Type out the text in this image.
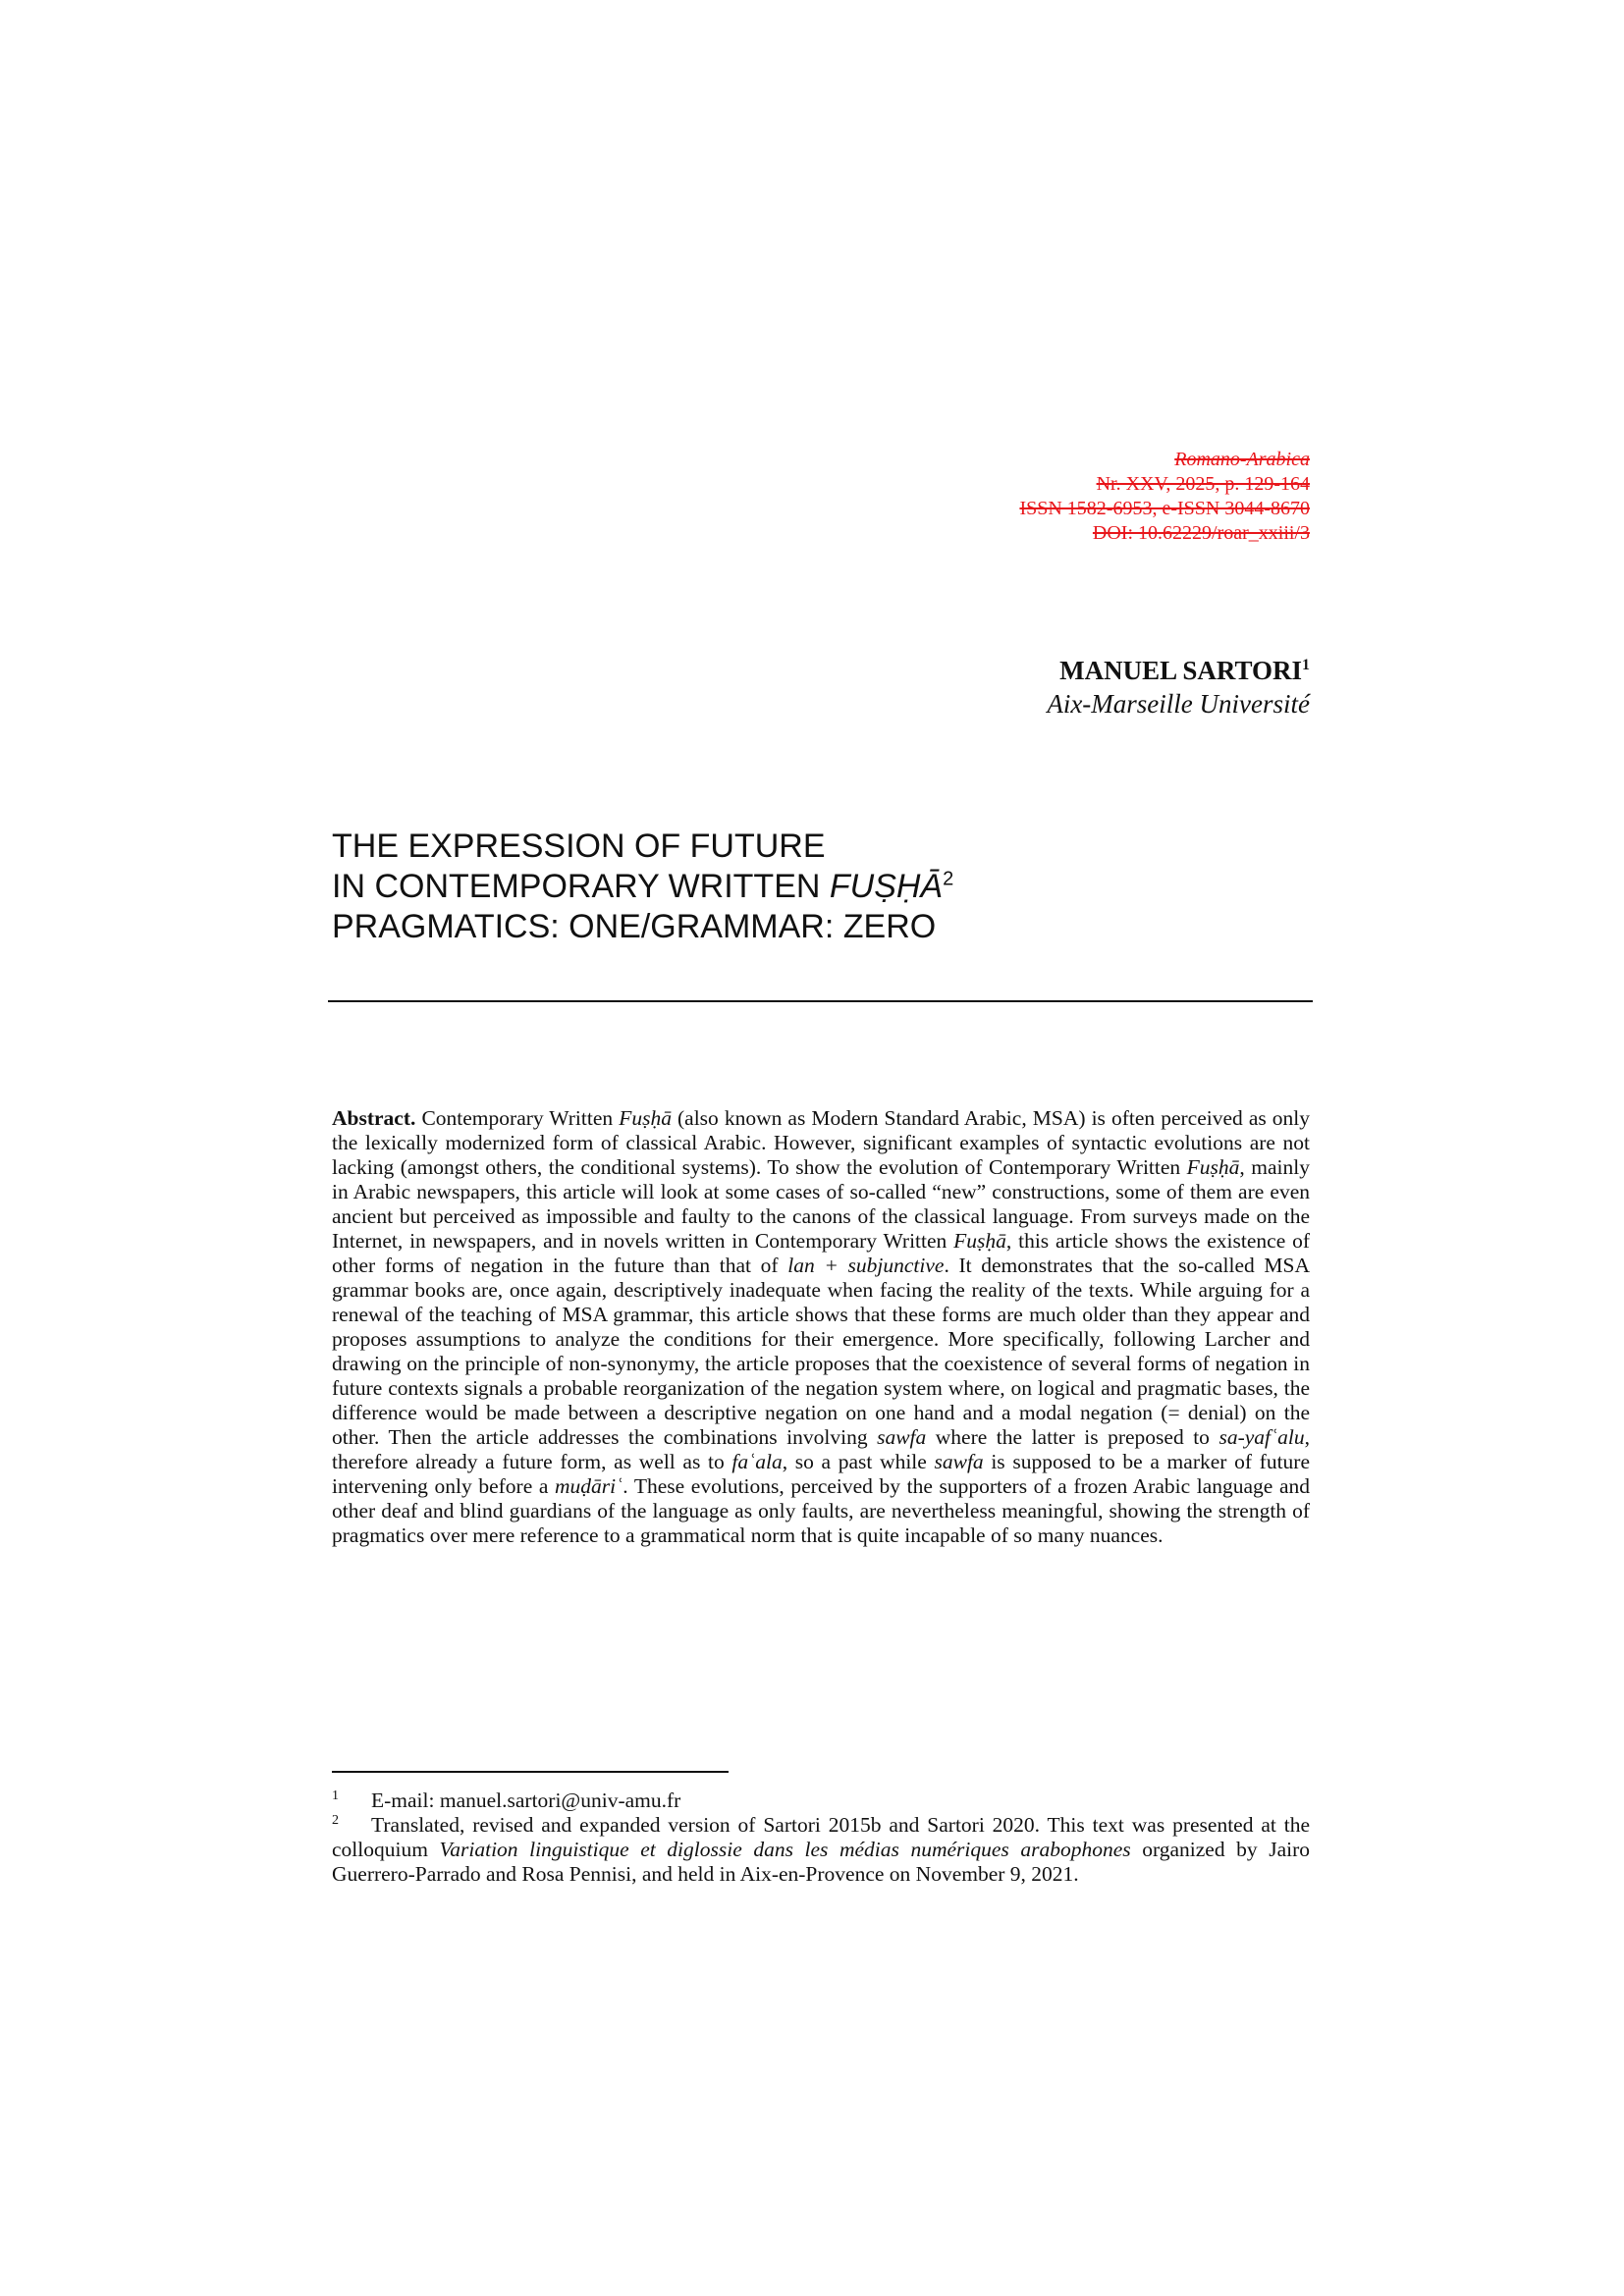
Romano-Arabica
Nr. XXV, 2025, p. 129-164
ISSN 1582-6953, e-ISSN 3044-8670
DOI: 10.62229/roar_xxiii/3
MANUEL SARTORI$^1$
Aix-Marseille Université
THE EXPRESSION OF FUTURE
IN CONTEMPORARY WRITTEN FUṢḤĀ$^2$
PRAGMATICS: ONE/GRAMMAR: ZERO
Abstract. Contemporary Written Fuṣḥā (also known as Modern Standard Arabic, MSA) is often perceived as only the lexically modernized form of classical Arabic. However, significant examples of syntactic evolutions are not lacking (amongst others, the conditional systems). To show the evolution of Contemporary Written Fuṣḥā, mainly in Arabic newspapers, this article will look at some cases of so-called “new” constructions, some of them are even ancient but perceived as impossible and faulty to the canons of the classical language. From surveys made on the Internet, in newspapers, and in novels written in Contemporary Written Fuṣḥā, this article shows the existence of other forms of negation in the future than that of lan + subjunctive. It demonstrates that the so-called MSA grammar books are, once again, descriptively inadequate when facing the reality of the texts. While arguing for a renewal of the teaching of MSA grammar, this article shows that these forms are much older than they appear and proposes assumptions to analyze the conditions for their emergence. More specifically, following Larcher and drawing on the principle of non-synonymy, the article proposes that the coexistence of several forms of negation in future contexts signals a probable reorganization of the negation system where, on logical and pragmatic bases, the difference would be made between a descriptive negation on one hand and a modal negation (= denial) on the other. Then the article addresses the combinations involving sawfa where the latter is preposed to sa-yafʿalu, therefore already a future form, as well as to faʿala, so a past while sawfa is supposed to be a marker of future intervening only before a muḍāriʿ. These evolutions, perceived by the supporters of a frozen Arabic language and other deaf and blind guardians of the language as only faults, are nevertheless meaningful, showing the strength of pragmatics over mere reference to a grammatical norm that is quite incapable of so many nuances.

1 E-mail: manuel.sartori@univ-amu.fr

2 Translated, revised and expanded version of Sartori 2015b and Sartori 2020. This text was presented at the colloquium Variation linguistique et diglossie dans les médias numériques arabophones organized by Jairo Guerrero-Parrado and Rosa Pennisi, and held in Aix-en-Provence on November 9, 2021.
